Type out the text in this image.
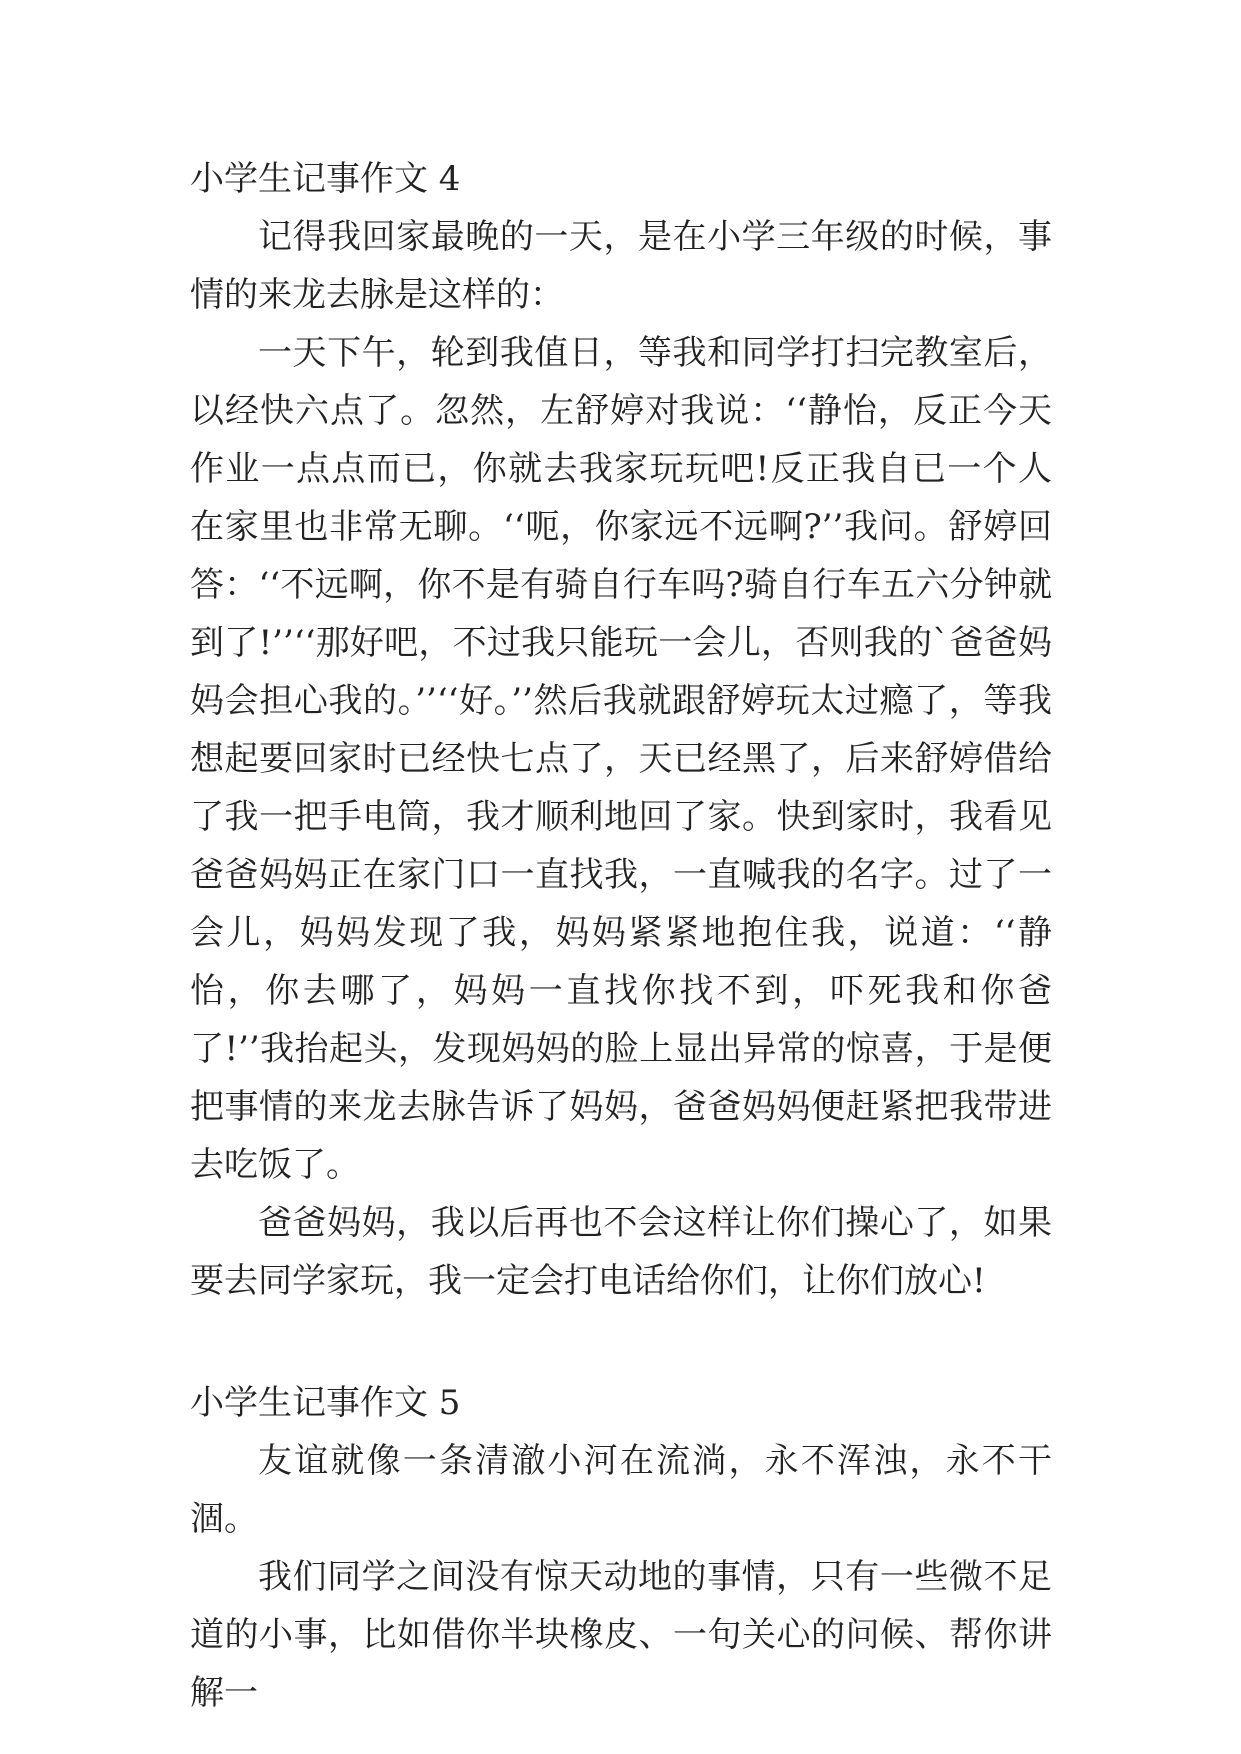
小学生记事作文 4

记得我回家最晚的一天，是在小学三年级的时候，事情的来龙去脉是这样的：

一天下午，轮到我值日，等我和同学打扫完教室后，以经快六点了。忽然，左舒婷对我说：‘‘静怡，反正今天作业一点点而已，你就去我家玩玩吧!反正我自已一个人在家里也非常无聊。‘‘呃，你家远不远啊?’’我问。舒婷回答：‘‘不远啊，你不是有骑自行车吗?骑自行车五六分钟就到了!’’‘‘那好吧，不过我只能玩一会儿，否则我的`爸爸妈妈会担心我的。’’‘‘好。’’然后我就跟舒婷玩太过瘾了，等我想起要回家时已经快七点了，天已经黑了，后来舒婷借给了我一把手电筒，我才顺利地回了家。快到家时，我看见爸爸妈妈正在家门口一直找我，一直喊我的名字。过了一会儿，妈妈发现了我，妈妈紧紧地抱住我，说道：‘‘静怡，你去哪了，妈妈一直找你找不到，吓死我和你爸了!’’我抬起头，发现妈妈的脸上显出异常的惊喜，于是便把事情的来龙去脉告诉了妈妈，爸爸妈妈便赶紧把我带进去吃饭了。

爸爸妈妈，我以后再也不会这样让你们操心了，如果要去同学家玩，我一定会打电话给你们，让你们放心!

小学生记事作文 5

友谊就像一条清澈小河在流淌，永不浑浊，永不干涸。

我们同学之间没有惊天动地的事情，只有一些微不足道的小事，比如借你半块橡皮、一句关心的问候、帮你讲解一
